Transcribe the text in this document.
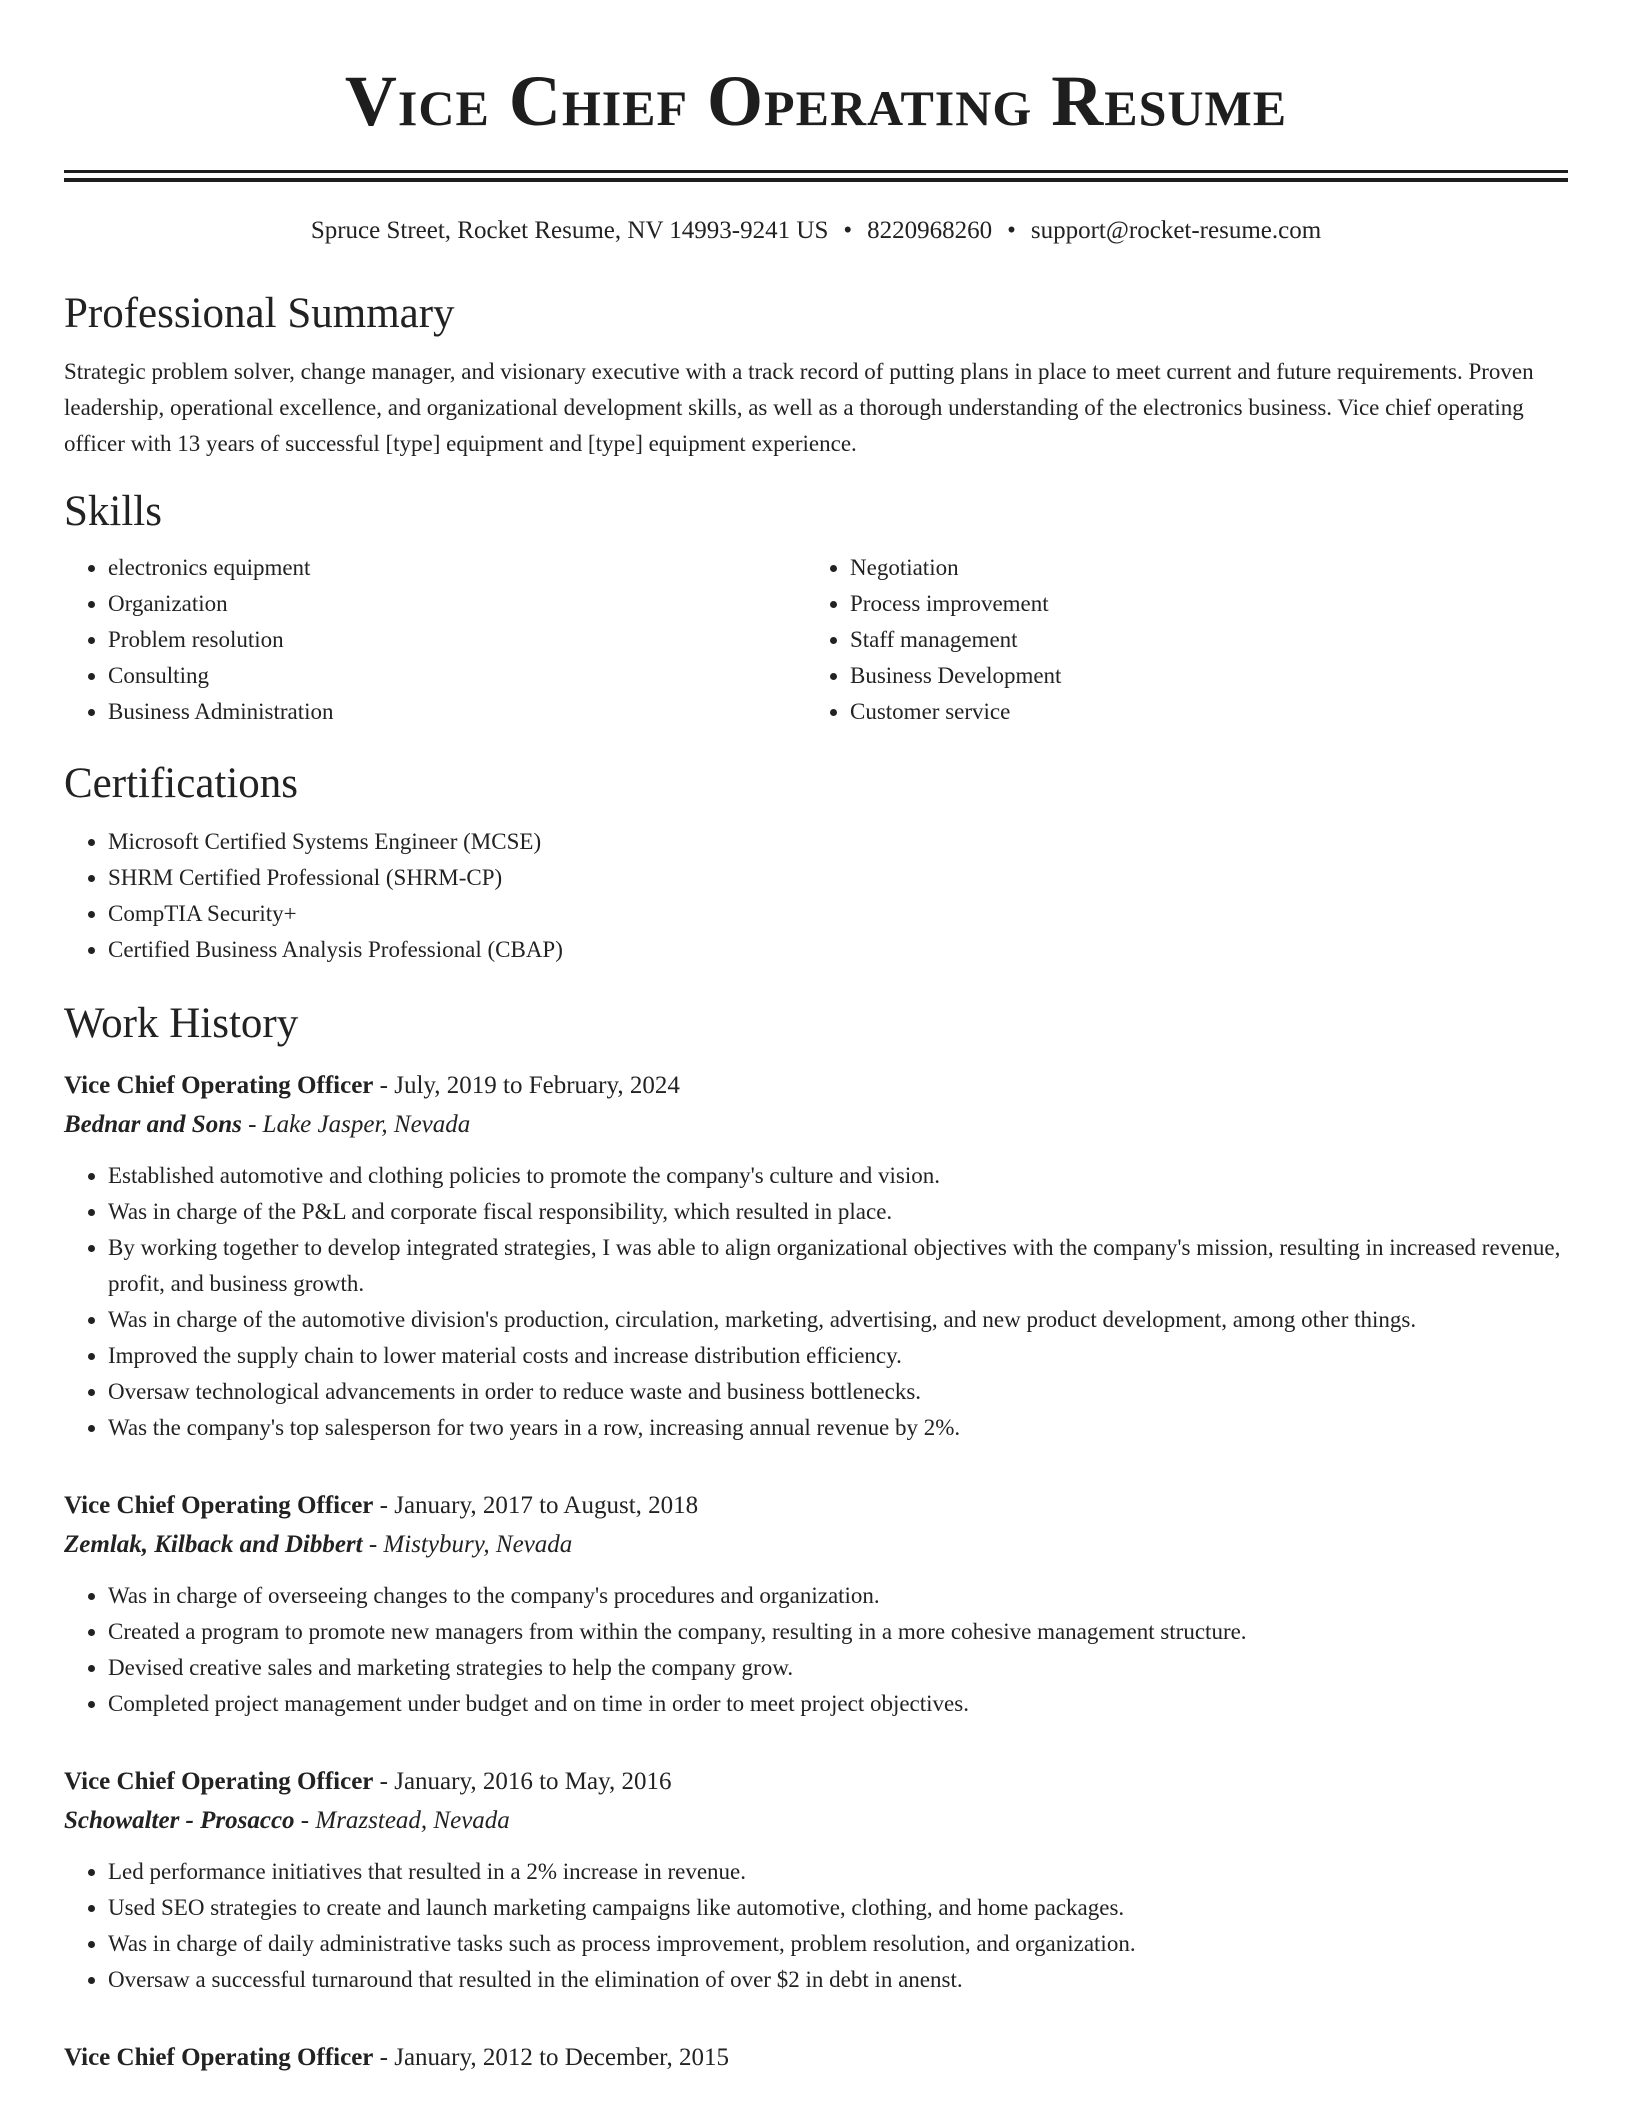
Vice Chief Operating Resume
Spruce Street, Rocket Resume, NV 14993-9241 US • 8220968260 • support@rocket-resume.com
Professional Summary

Strategic problem solver, change manager, and visionary executive with a track record of putting plans in place to meet current and future requirements. Proven leadership, operational excellence, and organizational development skills, as well as a thorough understanding of the electronics business. Vice chief operating officer with 13 years of successful [type] equipment and [type] equipment experience.

Skills
• electronics equipment
• Organization
• Problem resolution
• Consulting
• Business Administration
• Negotiation
• Process improvement
• Staff management
• Business Development
• Customer service
Certifications
• Microsoft Certified Systems Engineer (MCSE)
• SHRM Certified Professional (SHRM-CP)
• CompTIA Security+
• Certified Business Analysis Professional (CBAP)
Work History
Vice Chief Operating Officer - July, 2019 to February, 2024
Bednar and Sons - Lake Jasper, Nevada
• Established automotive and clothing policies to promote the company's culture and vision.
• Was in charge of the P&L and corporate fiscal responsibility, which resulted in place.
• By working together to develop integrated strategies, I was able to align organizational objectives with the company's mission, resulting in increased revenue, profit, and business growth.
• Was in charge of the automotive division's production, circulation, marketing, advertising, and new product development, among other things.
• Improved the supply chain to lower material costs and increase distribution efficiency.
• Oversaw technological advancements in order to reduce waste and business bottlenecks.
• Was the company's top salesperson for two years in a row, increasing annual revenue by 2%.
Vice Chief Operating Officer - January, 2017 to August, 2018
Zemlak, Kilback and Dibbert - Mistybury, Nevada
• Was in charge of overseeing changes to the company's procedures and organization.
• Created a program to promote new managers from within the company, resulting in a more cohesive management structure.
• Devised creative sales and marketing strategies to help the company grow.
• Completed project management under budget and on time in order to meet project objectives.
Vice Chief Operating Officer - January, 2016 to May, 2016
Schowalter - Prosacco - Mrazstead, Nevada
• Led performance initiatives that resulted in a 2% increase in revenue.
• Used SEO strategies to create and launch marketing campaigns like automotive, clothing, and home packages.
• Was in charge of daily administrative tasks such as process improvement, problem resolution, and organization.
• Oversaw a successful turnaround that resulted in the elimination of over $2 in debt in anenst.
Vice Chief Operating Officer - January, 2012 to December, 2015
